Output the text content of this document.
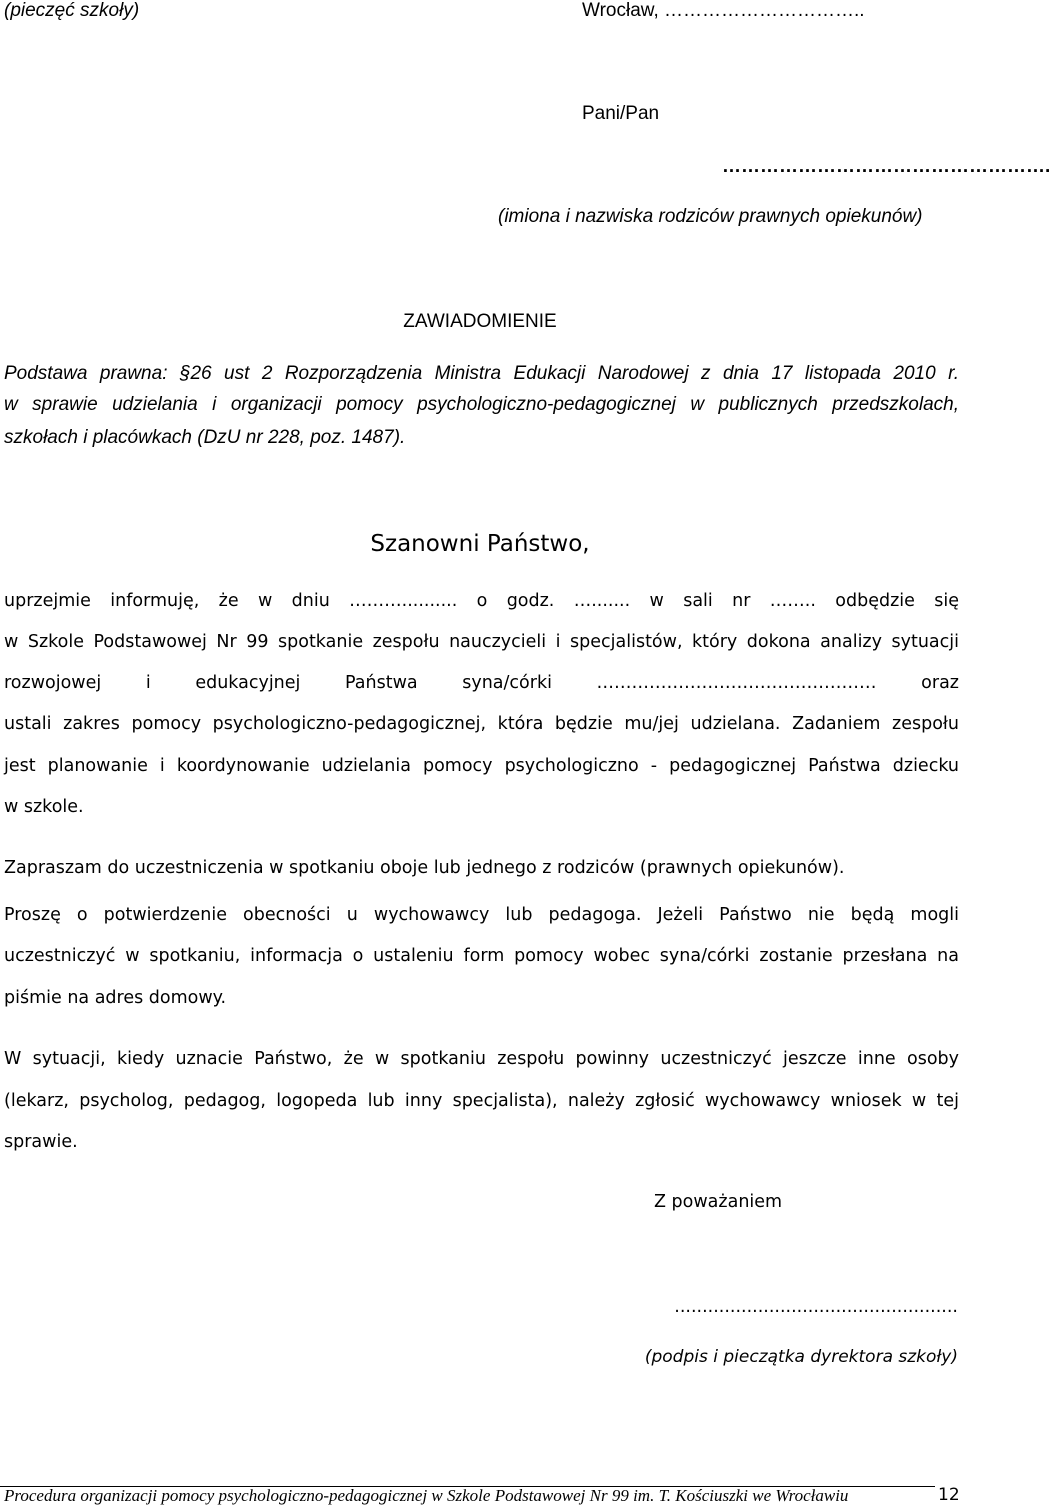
(pieczęć szkoły)	Wrocław, …………………………..
Pani/Pan
…………………………………………….
(imiona i nazwiska rodziców prawnych opiekunów)
ZAWIADOMIENIE
Podstawa prawna: §26 ust 2 Rozporządzenia Ministra Edukacji Narodowej z dnia 17 listopada 2010 r.
w sprawie udzielania i organizacji pomocy psychologiczno-pedagogicznej w publicznych przedszkolach,
szkołach i placówkach (DzU nr 228, poz. 1487).
Szanowni Państwo,
uprzejmie informuję, że w dniu ……….......... o godz. …....... w sali nr …….. odbędzie się
w Szkole Podstawowej Nr 99 spotkanie zespołu nauczycieli i specjalistów, który dokona analizy sytuacji
rozwojowej i edukacyjnej Państwa syna/córki ………………………………………… oraz
ustali zakres pomocy psychologiczno-pedagogicznej, która będzie mu/jej udzielana. Zadaniem zespołu
jest planowanie i koordynowanie udzielania pomocy psychologiczno - pedagogicznej Państwa dziecku
w szkole.
Zapraszam do uczestniczenia w spotkaniu oboje lub jednego z rodziców (prawnych opiekunów).
Proszę o potwierdzenie obecności u wychowawcy lub pedagoga. Jeżeli Państwo nie będą mogli
uczestniczyć w spotkaniu, informacja o ustaleniu form pomocy wobec syna/córki zostanie przesłana na
piśmie na adres domowy.
W sytuacji, kiedy uznacie Państwo, że w spotkaniu zespołu powinny uczestniczyć jeszcze inne osoby
(lekarz, psycholog, pedagog, logopeda lub inny specjalista), należy zgłosić wychowawcy wniosek w tej
sprawie.
Z poważaniem
...................................................
(podpis i pieczątka dyrektora szkoły)
Procedura organizacji pomocy psychologiczno-pedagogicznej w Szkole Podstawowej Nr 99 im. T. Kościuszki we Wrocławiu	12
